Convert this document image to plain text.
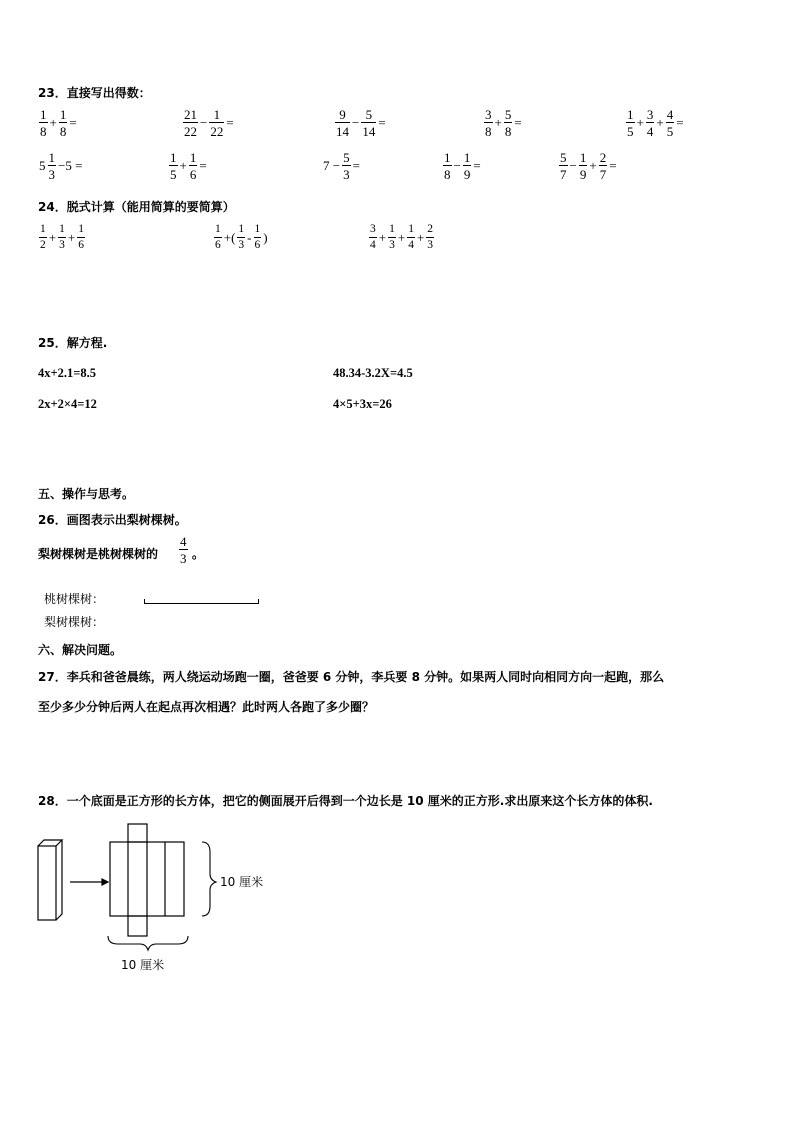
23．直接写出得数：
$\frac{1}{8} + \frac{1}{8}$ =	$\frac{21}{22} - \frac{1}{22}$ =	$\frac{9}{14} - \frac{5}{14}$ =	$\frac{3}{8} + \frac{5}{8}$ =	$\frac{1}{5} + \frac{3}{4} + \frac{4}{5}$ =
$5 \frac{1}{3} -5$ =	$\frac{1}{5} + \frac{1}{6}$ =	$7 - \frac{5}{3}$ =	$\frac{1}{8} - \frac{1}{9}$ =	$\frac{5}{7} - \frac{1}{9} + \frac{2}{7}$ =
24．脱式计算（能用简算的要简算）
$\frac{1}{2} + \frac{1}{3} + \frac{1}{6}$	$\frac{1}{6}$ +( $\frac{1}{3} - \frac{1}{6}$ )	$\frac{3}{4} + \frac{1}{3} + \frac{1}{4} + \frac{2}{3}$
25．解方程.
4x+2.1=8.5	48.34-3.2X=4.5
2x+2×4=12	4×5+3x=26
五、操作与思考。
26．画图表示出梨树棵树。
梨树棵树是桃树棵树的 $\frac{4}{3}$ 。
桃树棵树：
梨树棵树：
六、解决问题。
27．李兵和爸爸晨练，两人绕运动场跑一圈，爸爸要 6 分钟，李兵要 8 分钟。如果两人同时向相同方向一起跑，那么
至少多少分钟后两人在起点再次相遇？此时两人各跑了多少圈？
28．一个底面是正方形的长方体，把它的侧面展开后得到一个边长是 10 厘米的正方形.求出原来这个长方体的体积.
10 厘米
10 厘米
